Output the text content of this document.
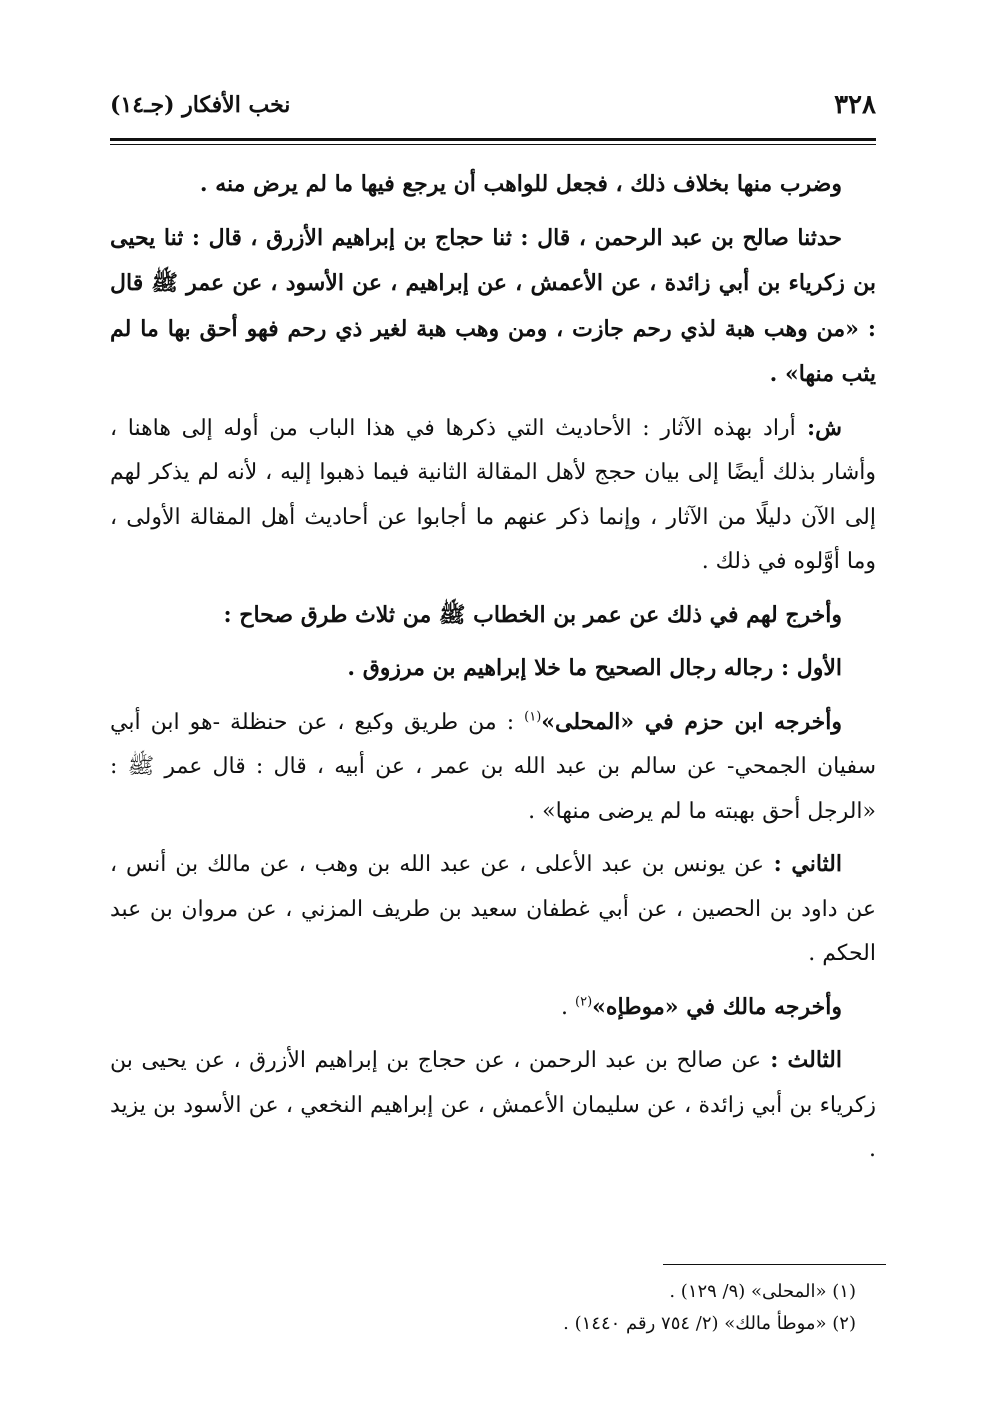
٣٢٨
نخب الأفكار (جـ١٤)

وضرب منها بخلاف ذلك ، فجعل للواهب أن يرجع فيها ما لم يرض منه .

حدثنا صالح بن عبد الرحمن ، قال : ثنا حجاج بن إبراهيم الأزرق ، قال : ثنا يحيى بن زكرياء بن أبي زائدة ، عن الأعمش ، عن إبراهيم ، عن الأسود ، عن عمر ﷺ قال : «من وهب هبة لذي رحم جازت ، ومن وهب هبة لغير ذي رحم فهو أحق بها ما لم يثب منها» .

ش: أراد بهذه الآثار : الأحاديث التي ذكرها في هذا الباب من أوله إلى هاهنا ، وأشار بذلك أيضًا إلى بيان حجج لأهل المقالة الثانية فيما ذهبوا إليه ، لأنه لم يذكر لهم إلى الآن دليلًا من الآثار ، وإنما ذكر عنهم ما أجابوا عن أحاديث أهل المقالة الأولى ، وما أوَّلوه في ذلك .

وأخرج لهم في ذلك عن عمر بن الخطاب ﷺ من ثلاث طرق صحاح :

الأول : رجاله رجال الصحيح ما خلا إبراهيم بن مرزوق .

وأخرجه ابن حزم في «المحلى»$^{(١)}$ : من طريق وكيع ، عن حنظلة -هو ابن أبي سفيان الجمحي- عن سالم بن عبد الله بن عمر ، عن أبيه ، قال : قال عمر ﷺ : «الرجل أحق بهبته ما لم يرضى منها» .

الثاني : عن يونس بن عبد الأعلى ، عن عبد الله بن وهب ، عن مالك بن أنس ، عن داود بن الحصين ، عن أبي غطفان سعيد بن طريف المزني ، عن مروان بن عبد الحكم .

وأخرجه مالك في «موطإه»$^{(٢)}$ .

الثالث : عن صالح بن عبد الرحمن ، عن حجاج بن إبراهيم الأزرق ، عن يحيى بن زكرياء بن أبي زائدة ، عن سليمان الأعمش ، عن إبراهيم النخعي ، عن الأسود بن يزيد .

(١) «المحلى» (٩/ ١٢٩) .
(٢) «موطأ مالك» (٢/ ٧٥٤ رقم ١٤٤٠) .
